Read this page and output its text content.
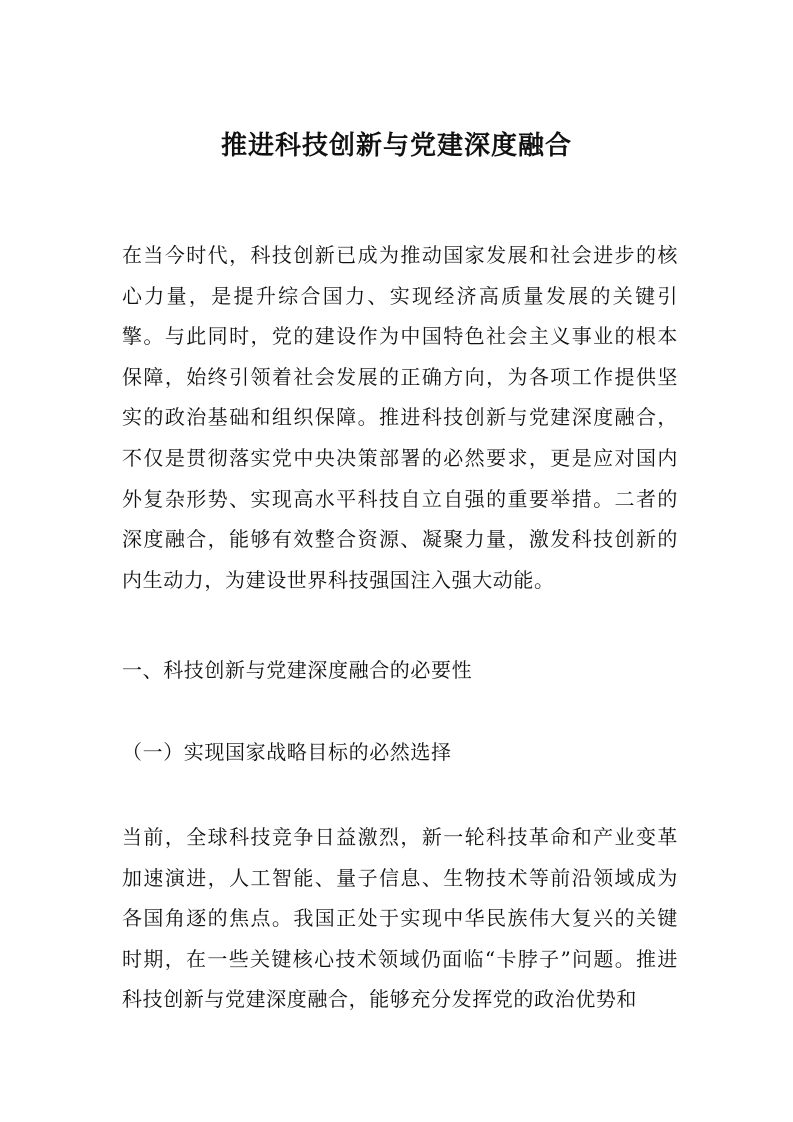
推进科技创新与党建深度融合

在当今时代，科技创新已成为推动国家发展和社会进步的核心力量，是提升综合国力、实现经济高质量发展的关键引擎。与此同时，党的建设作为中国特色社会主义事业的根本保障，始终引领着社会发展的正确方向，为各项工作提供坚实的政治基础和组织保障。推进科技创新与党建深度融合，不仅是贯彻落实党中央决策部署的必然要求，更是应对国内外复杂形势、实现高水平科技自立自强的重要举措。二者的深度融合，能够有效整合资源、凝聚力量，激发科技创新的内生动力，为建设世界科技强国注入强大动能。

一、科技创新与党建深度融合的必要性

（一）实现国家战略目标的必然选择

当前，全球科技竞争日益激烈，新一轮科技革命和产业变革加速演进，人工智能、量子信息、生物技术等前沿领域成为各国角逐的焦点。我国正处于实现中华民族伟大复兴的关键时期，在一些关键核心技术领域仍面临“卡脖子”问题。推进科技创新与党建深度融合，能够充分发挥党的政治优势和
